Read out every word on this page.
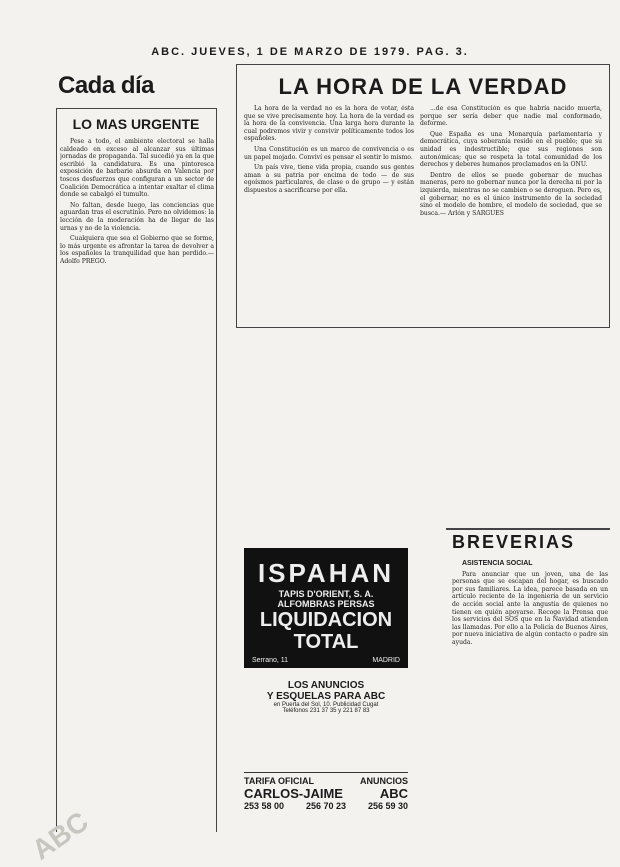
ABC. JUEVES, 1 DE MARZO DE 1979. PAG. 3.
Cada día
LO MAS URGENTE

Pese a todo, el ambiente electoral se halla caldeado en exceso al alcanzar sus últimas jornadas de propaganda. Tal sucedió ya en la que escribió la candidatura. Es una pintoresca exposición de barbarie absurda en Valencia por toscos desfuerzos que configuran a un sector de Coalición Democrática a intentar exaltar el clima donde se cabalgó el tumulto.

No faltan, desde luego, las conciencias que aguardan tras el escrutinio. Pero no olvidemos: la lección de la moderación ha de llegar de las urnas y no de la violencia.

Cualquiera que sea el Gobierno que se forme, lo más urgente es afrontar la tarea de devolver a los españoles la tranquilidad que han perdido.— Adolfo PREGO.

LA HORA DE LA VERDAD

La hora de la verdad no es la hora de votar, ésta que se vive precisamente hoy. La hora de la verdad es la hora de la convivencia. Una larga hora durante la cual podremos vivir y convivir políticamente todos los españoles.

Una Constitución es un marco de convivencia o es un papel mojado. Conviví es pensar el sentir lo mismo.

Un país vive, tiene vida propia, cuando sus gentes aman a su patria por encima de todo — de sus egoísmos particulares, de clase o de grupo — y están dispuestos a sacrificarse por ella.

...de esa Constitución es que habría nacido muerta, porque ser sería deber que nadie mal conformado, deforme.

Que España es una Monarquía parlamentaria y democrática, cuya soberanía reside en el pueblo; que su unidad es indestructible; que sus regiones son autonómicas; que se respeta la total comunidad de los derechos y deberes humanos proclamados en la ONU.

Dentro de ellos se puede gobernar de muchas maneras, pero no gobernar nunca por la derecha ni por la izquierda, mientras no se cambien o se deroguen. Pero es, el gobernar, no es el único instrumento de la sociedad sino el modelo de hombre, el modelo de sociedad, que se busca.— Arlón y SARGUES

BREVERIAS

ASISTENCIA SOCIAL

Para anunciar que un joven, una de las personas que se escapan del hogar, es buscado por sus familiares. La idea, parece basada en un artículo reciente de la ingeniería de un servicio de acción social ante la angustia de quienes no tienen en quién apoyarse. Recoge la Prensa que los servicios del SOS que en la Navidad atienden las llamadas. Por ello a la Policía de Buenos Aires, por nueva iniciativa de algún contacto o padre sin ayuda.

ISPAHAN
TAPIS D'ORIENT, S. A.
ALFOMBRAS PERSAS
LIQUIDACION
TOTAL
Serrano, 11	MADRID
LOS ANUNCIOS
Y ESQUELAS PARA ABC
en Puerta del Sol, 10. Publicidad Cugat
Teléfonos 231 37 35 y 221 87 83
TARIFA OFICIAL	ANUNCIOS
CARLOS-JAIME	ABC
253 58 00 256 70 23 256 59 30
ABC
